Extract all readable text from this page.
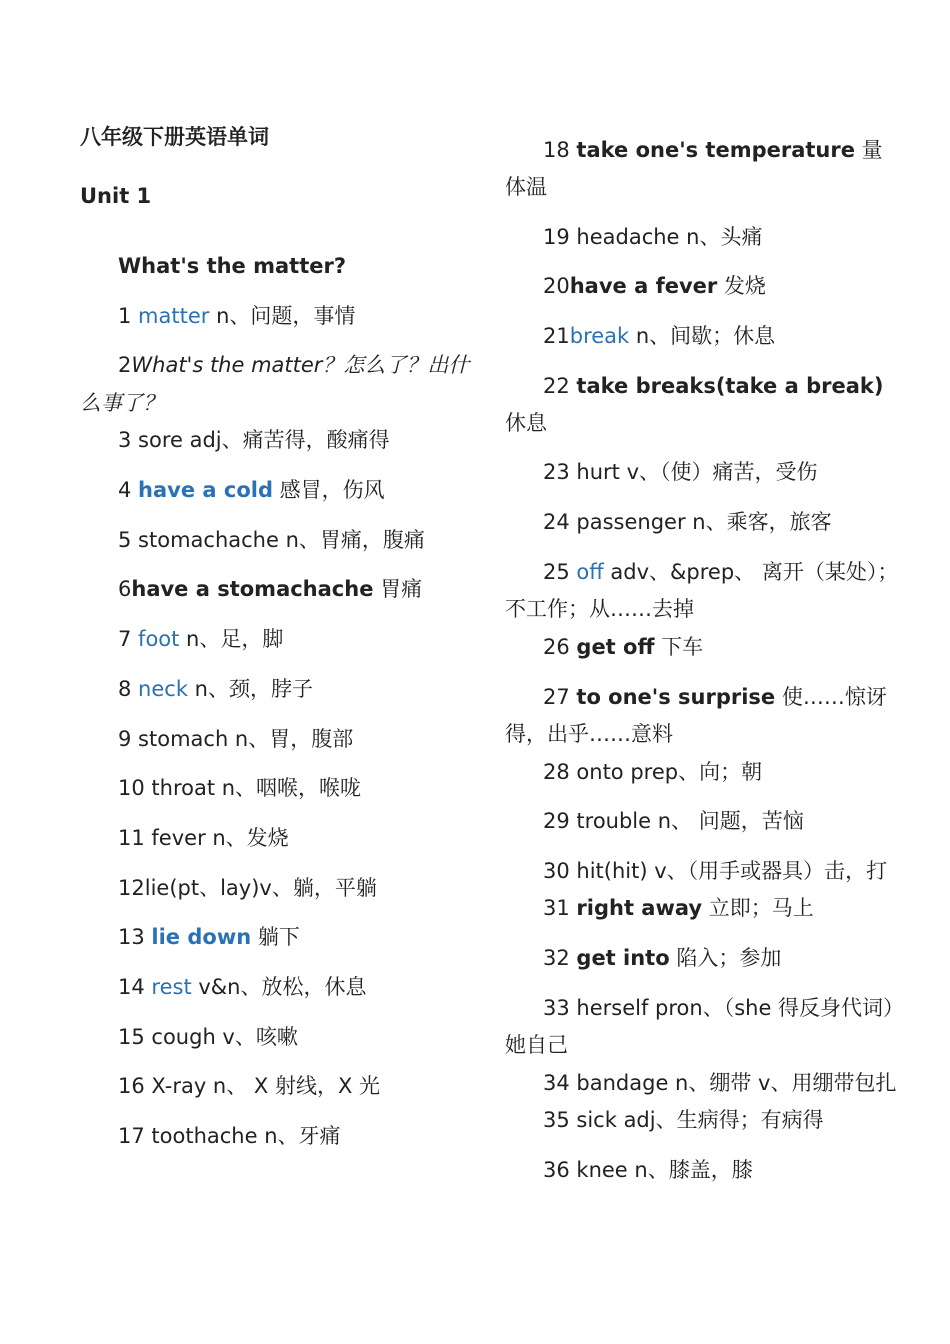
八年级下册英语单词
Unit 1
What's the matter?
1 matter n、问题，事情
2What's the matter？怎么了？出什么事了？
3 sore adj、痛苦得，酸痛得
4 have a cold 感冒，伤风
5 stomachache n、胃痛，腹痛
6have a stomachache 胃痛
7 foot n、足，脚
8 neck n、颈，脖子
9 stomach n、胃，腹部
10 throat n、咽喉，喉咙
11 fever n、发烧
12lie(pt、lay)v、躺，平躺
13 lie down 躺下
14 rest v&n、放松，休息
15 cough v、咳嗽
16 X-ray n、 X 射线，X 光
17 toothache n、牙痛
18 take one's temperature 量体温
19 headache n、头痛
20have a fever 发烧
21break n、间歇；休息
22 take breaks(take a break) 休息
23 hurt v、（使）痛苦，受伤
24 passenger n、乘客，旅客
25 off adv、&prep、 离开（某处）；不工作；从……去掉
26 get off 下车
27 to one's surprise 使……惊讶得，出乎……意料
28 onto prep、向；朝
29 trouble n、 问题，苦恼
30 hit(hit) v、（用手或器具）击，打
31 right away 立即；马上
32 get into 陷入；参加
33 herself pron、（she 得反身代词）她自己
34 bandage n、绷带 v、用绷带包扎
35 sick adj、生病得；有病得
36 knee n、膝盖，膝
